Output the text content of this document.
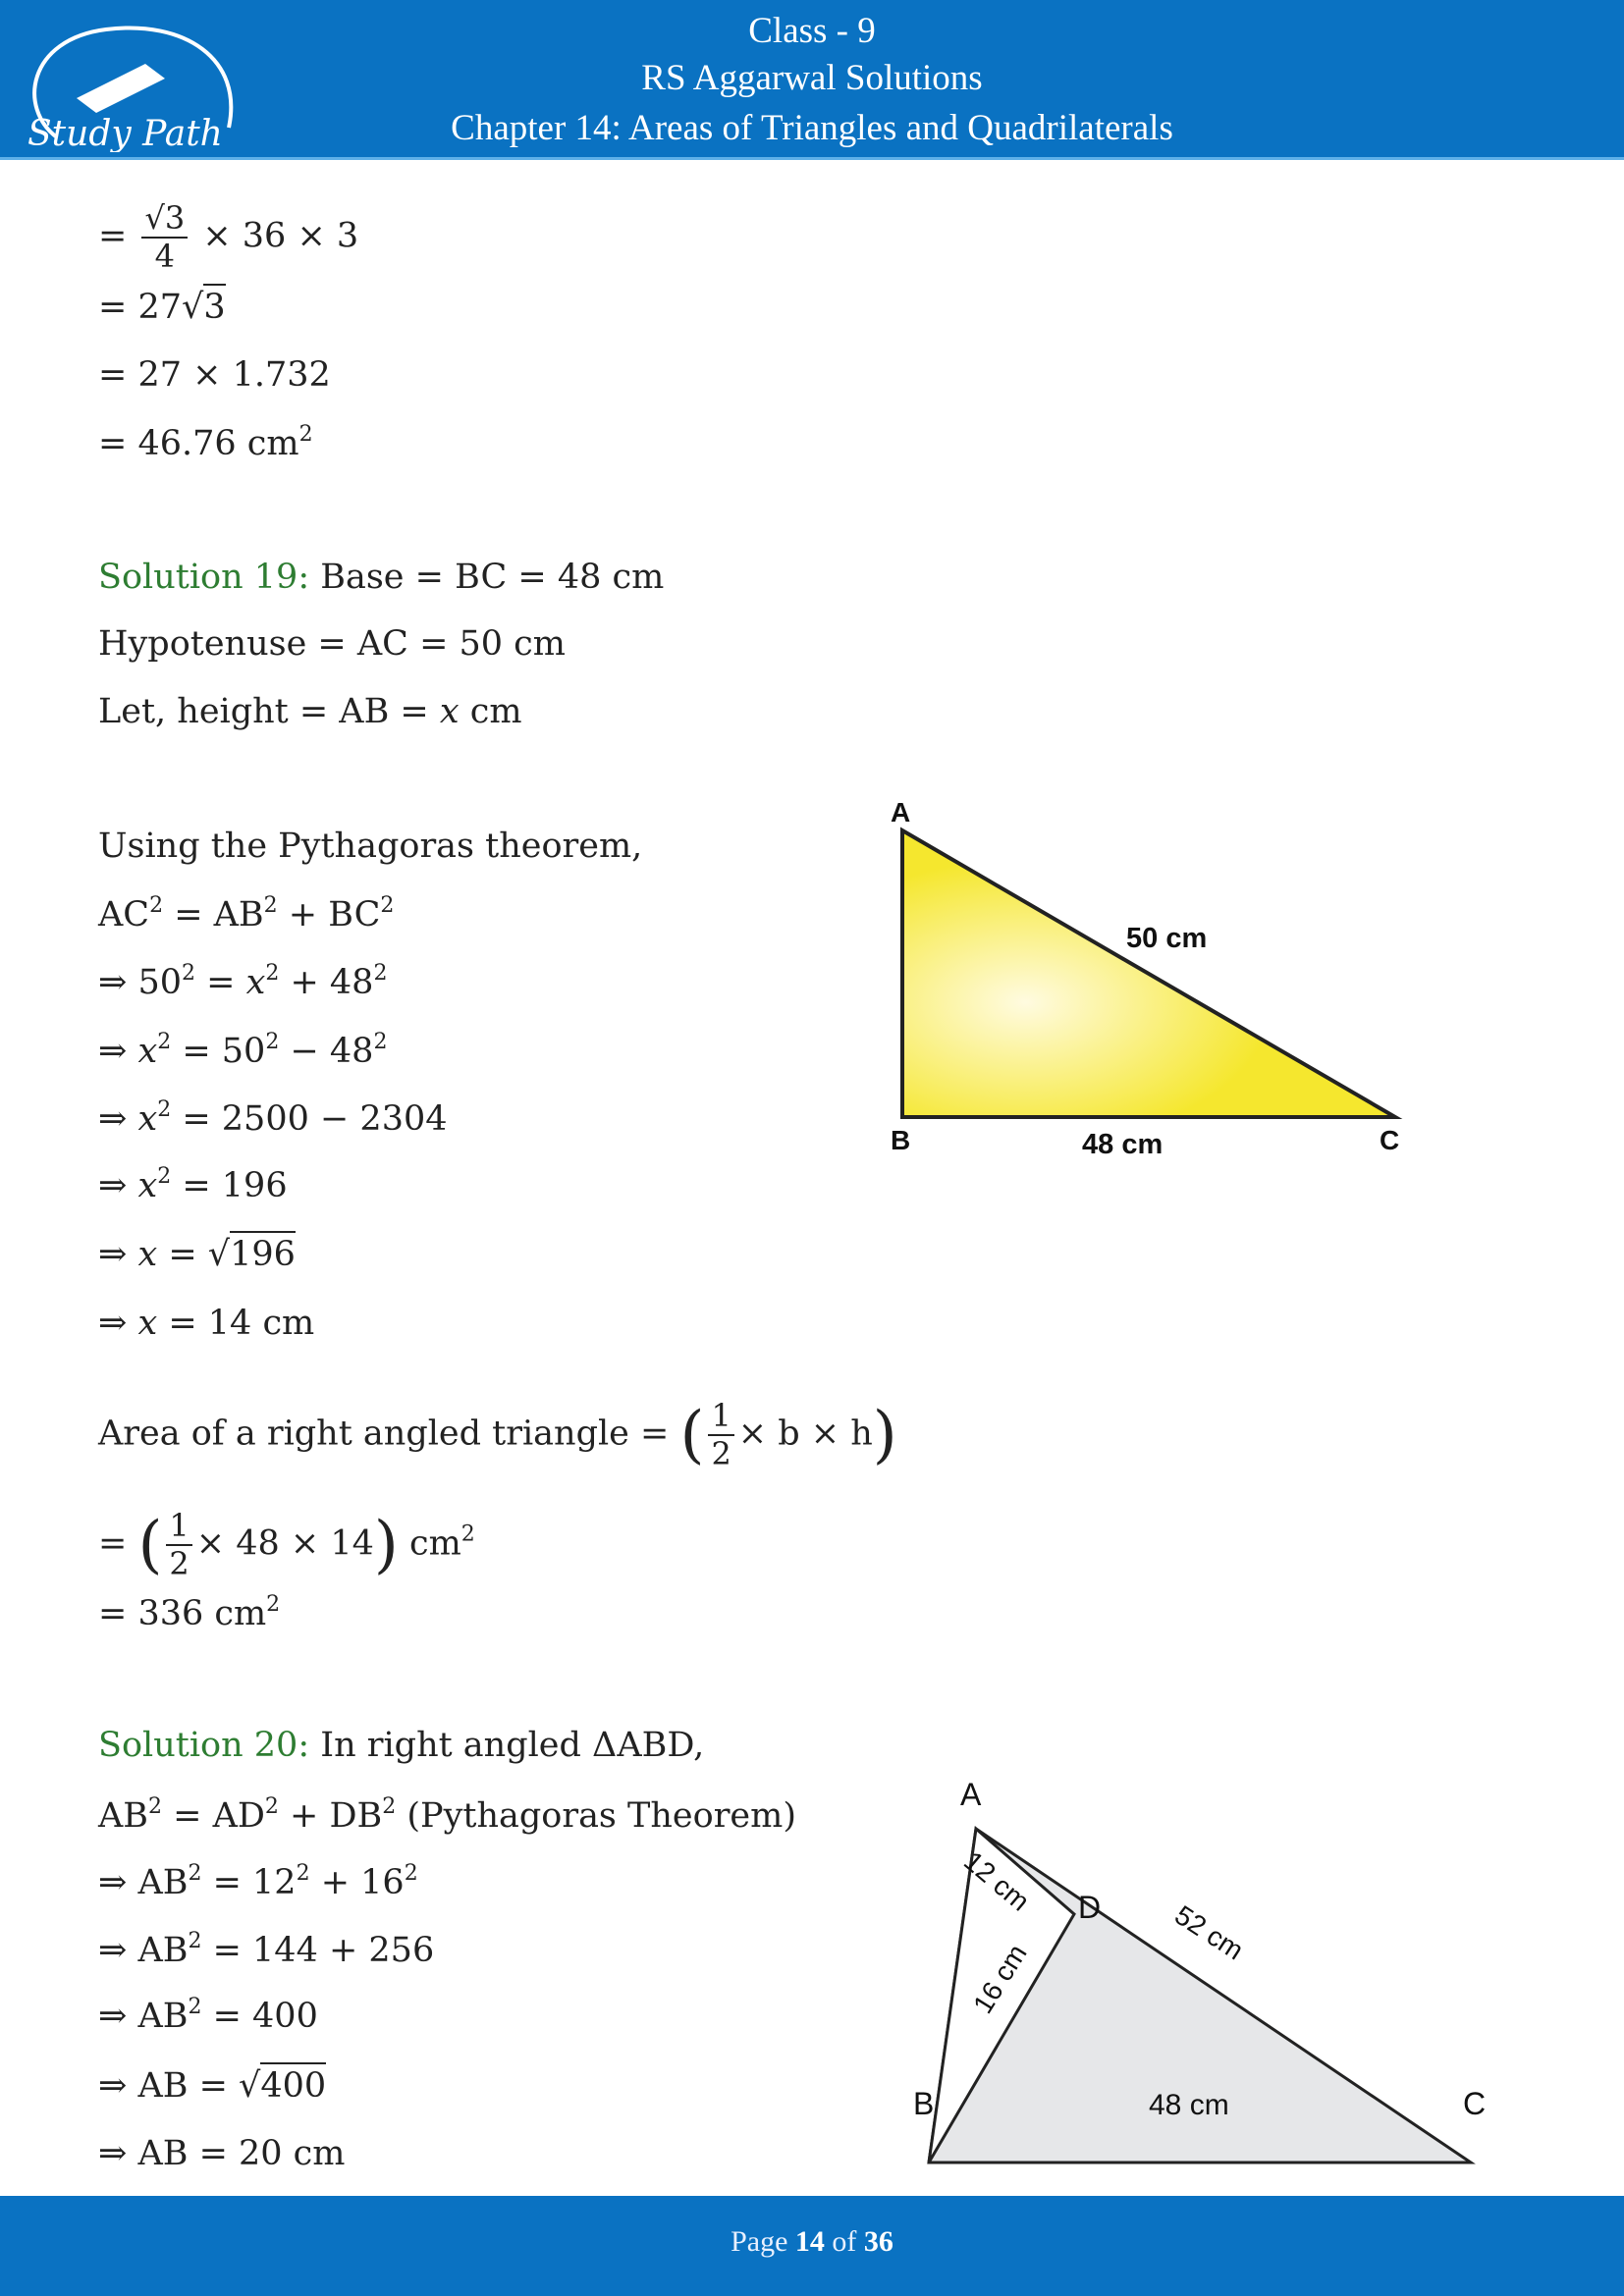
Study Path
Class - 9
RS Aggarwal Solutions
Chapter 14: Areas of Triangles and Quadrilaterals
= $\frac{√3}{4} \times 36 \times 3$
= 27√3
= 27 × 1.732
= 46.76 $cm^2$
Solution 19: Base = BC = 48 cm
Hypotenuse = AC = 50 cm
Let, height = AB = x cm
Using the Pythagoras theorem,
$AC^2 = AB^2 + BC^2$
⇒ $50^2 = x^2 + 48^2$
⇒ $x^2 = 50^2 - 48^2$
⇒ $x^2 = 2500 - 2304$
⇒ $x^2 = 196$
⇒ x = √196
⇒ x = 14 cm
Area of a right angled triangle = ( $\frac{1}{2} \times b \times h$)
= ( $\frac{1}{2} \times 48 \times 14$) $cm^2$
= 336 $cm^2$
Solution 20: In right angled ΔABD,
$AB^2 = AD^2 + DB^2$ (Pythagoras Theorem)
⇒ $AB^2 = 12^2 + 16^2$
⇒ $AB^2 = 144 + 256$
⇒ $AB^2 = 400$
⇒ AB = √400
⇒ AB = 20 cm
A
50 cm
B	48 cm	C
A
D
B	C
48 cm
12 cm
16 cm
52 cm
Page 14 of 36
